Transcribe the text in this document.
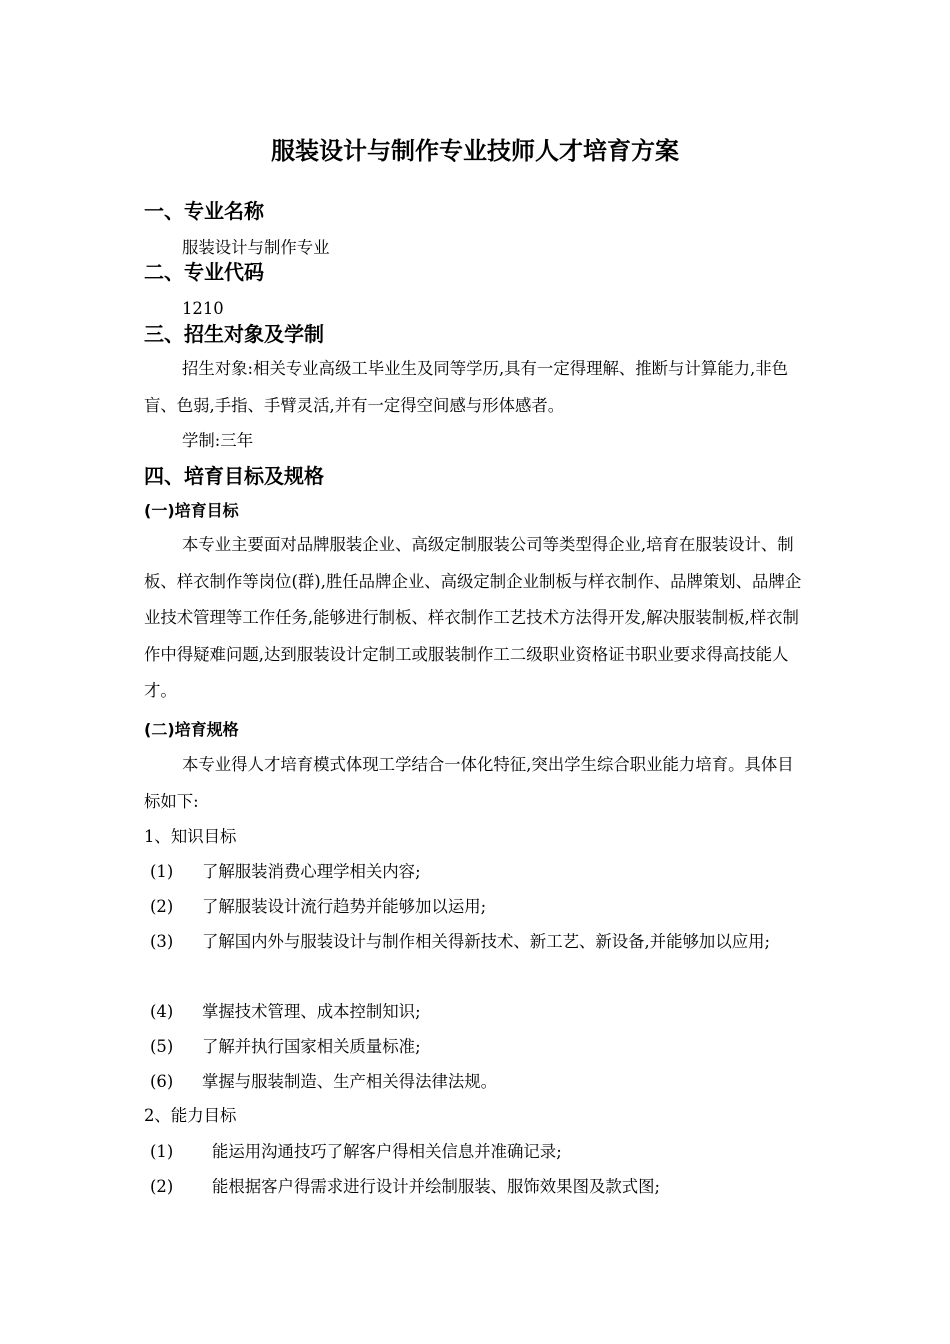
服装设计与制作专业技师人才培育方案
一、专业名称
服装设计与制作专业
二、专业代码
1210
三、招生对象及学制
招生对象:相关专业高级工毕业生及同等学历,具有一定得理解、推断与计算能力,非色盲、色弱,手指、手臂灵活,并有一定得空间感与形体感者。
学制:三年
四、培育目标及规格
(一)培育目标
本专业主要面对品牌服装企业、高级定制服装公司等类型得企业,培育在服装设计、制板、样衣制作等岗位(群),胜任品牌企业、高级定制企业制板与样衣制作、品牌策划、品牌企业技术管理等工作任务,能够进行制板、样衣制作工艺技术方法得开发,解决服装制板,样衣制作中得疑难问题,达到服装设计定制工或服装制作工二级职业资格证书职业要求得高技能人才。
(二)培育规格
本专业得人才培育模式体现工学结合一体化特征,突出学生综合职业能力培育。具体目标如下:
1、知识目标
(1) 了解服装消费心理学相关内容;
(2) 了解服装设计流行趋势并能够加以运用;
(3) 了解国内外与服装设计与制作相关得新技术、新工艺、新设备,并能够加以应用;
(4) 掌握技术管理、成本控制知识;
(5) 了解并执行国家相关质量标准;
(6) 掌握与服装制造、生产相关得法律法规。
2、能力目标
(1) 能运用沟通技巧了解客户得相关信息并准确记录;
(2) 能根据客户得需求进行设计并绘制服装、服饰效果图及款式图;
